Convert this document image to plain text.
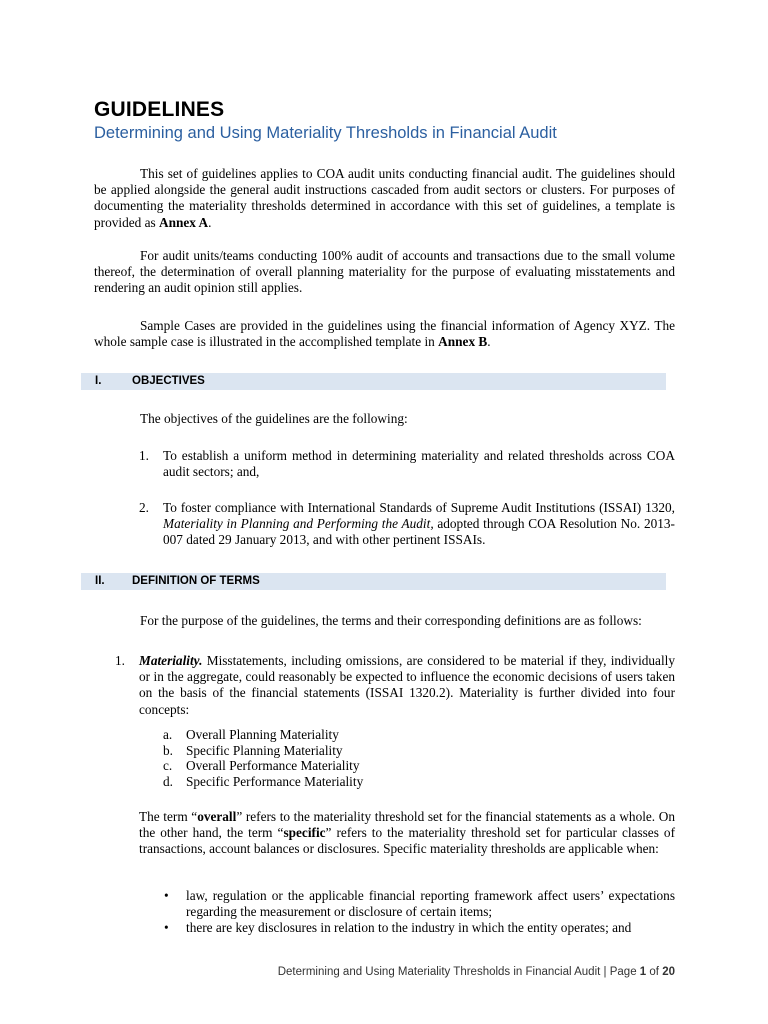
GUIDELINES
Determining and Using Materiality Thresholds in Financial Audit
This set of guidelines applies to COA audit units conducting financial audit. The guidelines should be applied alongside the general audit instructions cascaded from audit sectors or clusters. For purposes of documenting the materiality thresholds determined in accordance with this set of guidelines, a template is provided as Annex A.
For audit units/teams conducting 100% audit of accounts and transactions due to the small volume thereof, the determination of overall planning materiality for the purpose of evaluating misstatements and rendering an audit opinion still applies.
Sample Cases are provided in the guidelines using the financial information of Agency XYZ. The whole sample case is illustrated in the accomplished template in Annex B.
I.	OBJECTIVES
The objectives of the guidelines are the following:
1. To establish a uniform method in determining materiality and related thresholds across COA audit sectors; and,
2. To foster compliance with International Standards of Supreme Audit Institutions (ISSAI) 1320, Materiality in Planning and Performing the Audit, adopted through COA Resolution No. 2013-007 dated 29 January 2013, and with other pertinent ISSAIs.
II. DEFINITION OF TERMS
For the purpose of the guidelines, the terms and their corresponding definitions are as follows:
1. Materiality. Misstatements, including omissions, are considered to be material if they, individually or in the aggregate, could reasonably be expected to influence the economic decisions of users taken on the basis of the financial statements (ISSAI 1320.2). Materiality is further divided into four concepts:
a. Overall Planning Materiality
b. Specific Planning Materiality
c. Overall Performance Materiality
d. Specific Performance Materiality
The term “overall” refers to the materiality threshold set for the financial statements as a whole. On the other hand, the term “specific” refers to the materiality threshold set for particular classes of transactions, account balances or disclosures. Specific materiality thresholds are applicable when:
• law, regulation or the applicable financial reporting framework affect users’ expectations regarding the measurement or disclosure of certain items;
• there are key disclosures in relation to the industry in which the entity operates; and
Determining and Using Materiality Thresholds in Financial Audit | Page 1 of 20
